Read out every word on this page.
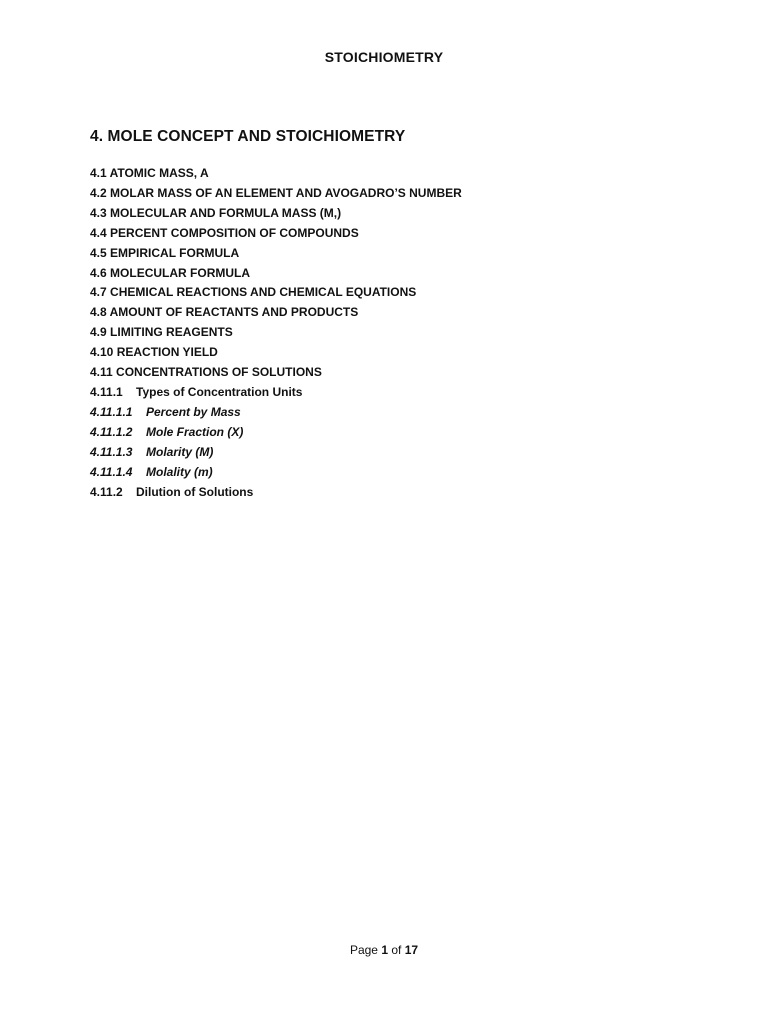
STOICHIOMETRY
4. MOLE CONCEPT AND STOICHIOMETRY
4.1 ATOMIC MASS, A
4.2 MOLAR MASS OF AN ELEMENT AND AVOGADRO’S NUMBER
4.3 MOLECULAR AND FORMULA MASS (M,)
4.4 PERCENT COMPOSITION OF COMPOUNDS
4.5 EMPIRICAL FORMULA
4.6 MOLECULAR FORMULA
4.7 CHEMICAL REACTIONS AND CHEMICAL EQUATIONS
4.8 AMOUNT OF REACTANTS AND PRODUCTS
4.9 LIMITING REAGENTS
4.10 REACTION YIELD
4.11 CONCENTRATIONS OF SOLUTIONS
4.11.1 Types of Concentration Units
4.11.1.1 Percent by Mass
4.11.1.2 Mole Fraction (X)
4.11.1.3 Molarity (M)
4.11.1.4 Molality (m)
4.11.2 Dilution of Solutions
Page 1 of 17
